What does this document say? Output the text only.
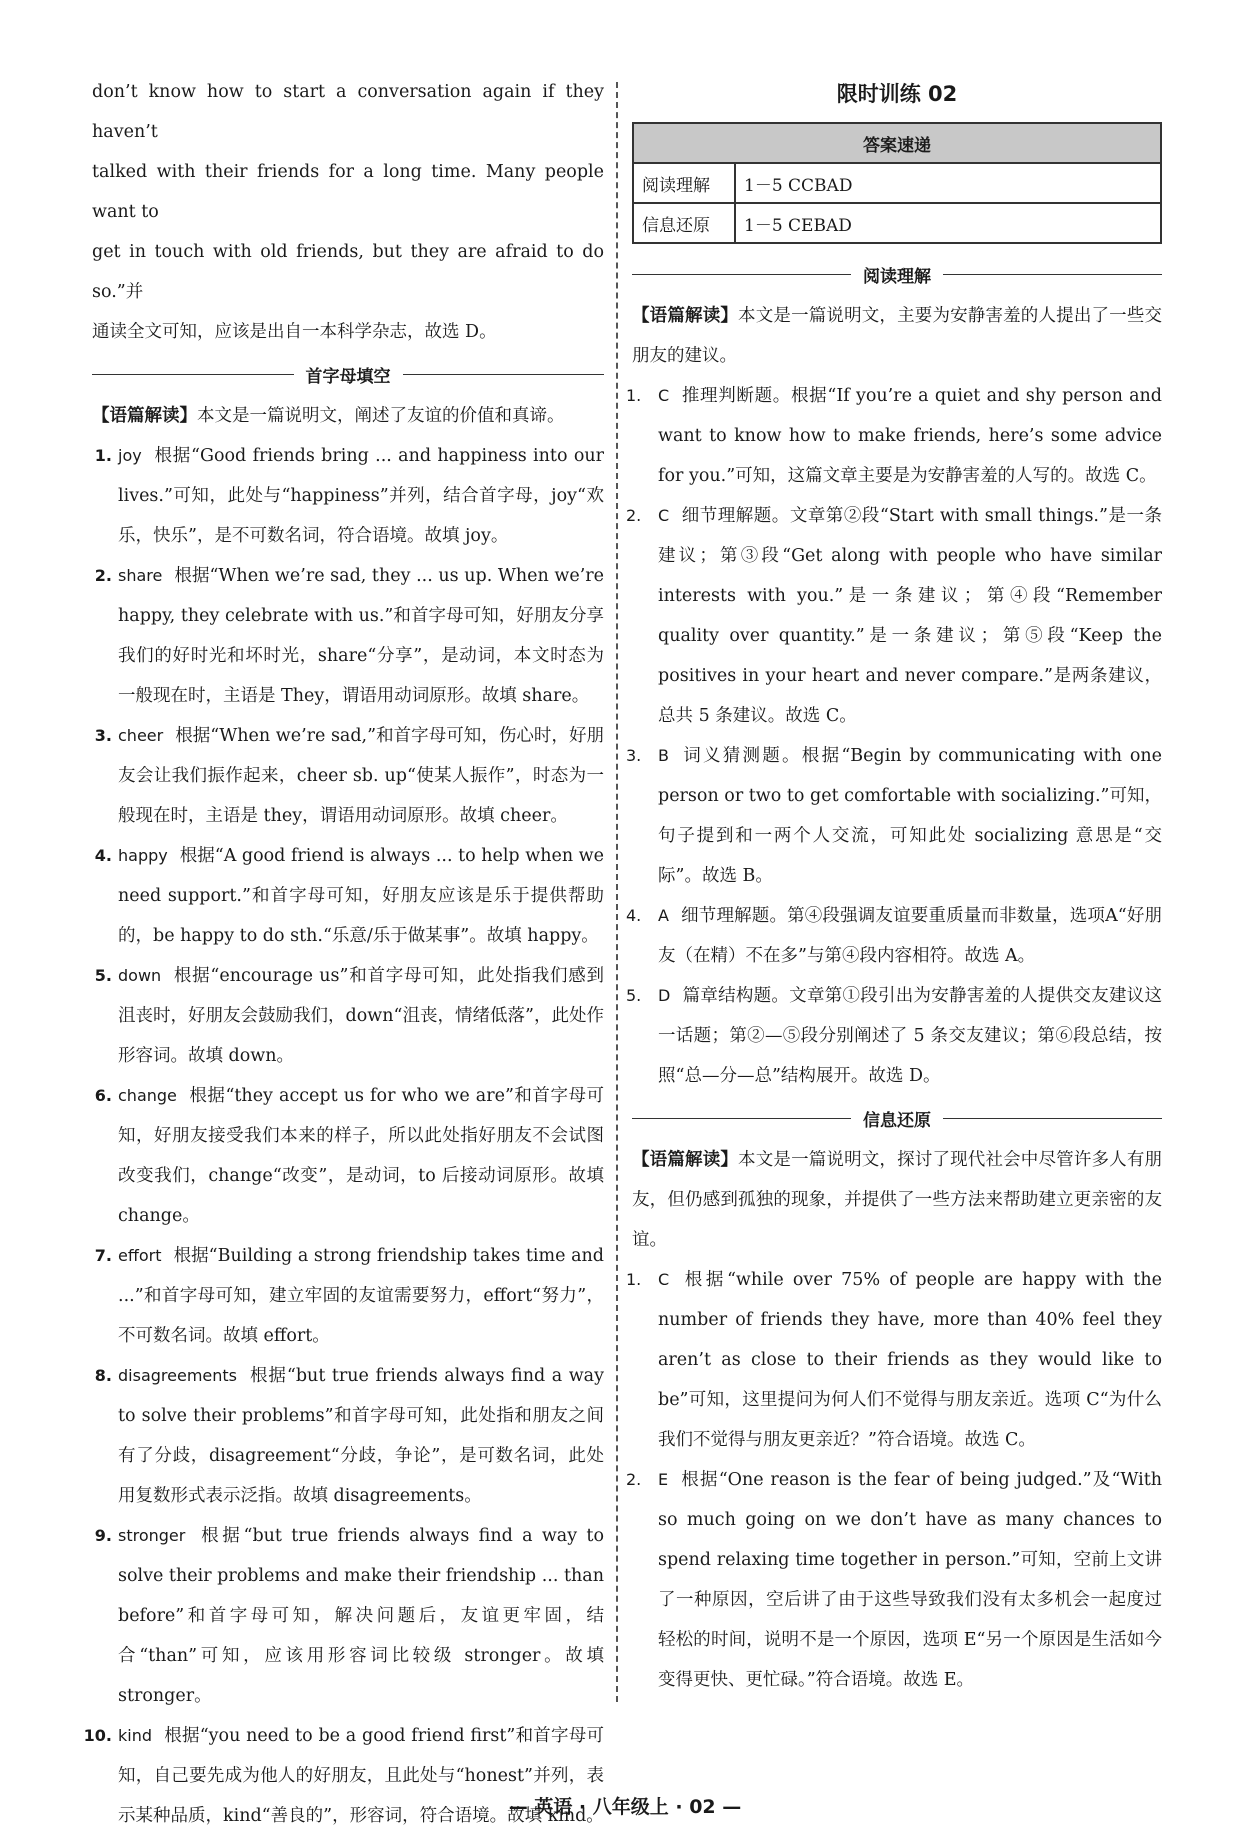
don’t know how to start a conversation again if they haven’t

talked with their friends for a long time. Many people want to

get in touch with old friends, but they are afraid to do so.”并

通读全文可知，应该是出自一本科学杂志，故选 D。

首字母填空

【语篇解读】本文是一篇说明文，阐述了友谊的价值和真谛。

1. joy 根据“Good friends bring ... and happiness into our lives.”可知，此处与“happiness”并列，结合首字母，joy“欢乐，快乐”，是不可数名词，符合语境。故填 joy。
2. share 根据“When we’re sad, they ... us up. When we’re happy, they celebrate with us.”和首字母可知，好朋友分享我们的好时光和坏时光，share“分享”，是动词，本文时态为一般现在时，主语是 They，谓语用动词原形。故填 share。
3. cheer 根据“When we’re sad,”和首字母可知，伤心时，好朋友会让我们振作起来，cheer sb. up“使某人振作”，时态为一般现在时，主语是 they，谓语用动词原形。故填 cheer。
4. happy 根据“A good friend is always ... to help when we need support.”和首字母可知，好朋友应该是乐于提供帮助的，be happy to do sth.“乐意/乐于做某事”。故填 happy。
5. down 根据“encourage us”和首字母可知，此处指我们感到沮丧时，好朋友会鼓励我们，down“沮丧，情绪低落”，此处作形容词。故填 down。
6. change 根据“they accept us for who we are”和首字母可知，好朋友接受我们本来的样子，所以此处指好朋友不会试图改变我们，change“改变”，是动词，to 后接动词原形。故填 change。
7. effort 根据“Building a strong friendship takes time and ...”和首字母可知，建立牢固的友谊需要努力，effort“努力”，不可数名词。故填 effort。
8. disagreements 根据“but true friends always find a way to solve their problems”和首字母可知，此处指和朋友之间有了分歧，disagreement“分歧，争论”，是可数名词，此处用复数形式表示泛指。故填 disagreements。
9. stronger 根据“but true friends always find a way to solve their problems and make their friendship ... than before”和首字母可知，解决问题后，友谊更牢固，结合“than”可知，应该用形容词比较级 stronger。故填 stronger。
10. kind 根据“you need to be a good friend first”和首字母可知，自己要先成为他人的好朋友，且此处与“honest”并列，表示某种品质，kind“善良的”，形容词，符合语境。故填 kind。
限时训练 02
答案速递	
阅读理解	1－5 CCBAD
信息还原	1－5 CEBAD
阅读理解

【语篇解读】本文是一篇说明文，主要为安静害羞的人提出了一些交朋友的建议。

1.	C 推理判断题。根据“If you’re a quiet and shy person and want to know how to make friends, here’s some advice for you.”可知，这篇文章主要是为安静害羞的人写的。故选 C。
2.	C 细节理解题。文章第②段“Start with small things.”是一条建议；第③段“Get along with people who have similar interests with you.”是一条建议；第④段“Remember quality over quantity.”是一条建议；第⑤段“Keep the positives in your heart and never compare.”是两条建议，总共 5 条建议。故选 C。
3.	B 词义猜测题。根据“Begin by communicating with one person or two to get comfortable with socializing.”可知，句子提到和一两个人交流，可知此处 socializing 意思是“交际”。故选 B。
4.	A 细节理解题。第④段强调友谊要重质量而非数量，选项A“好朋友（在精）不在多”与第④段内容相符。故选 A。
5.	D 篇章结构题。文章第①段引出为安静害羞的人提供交友建议这一话题；第②—⑤段分别阐述了 5 条交友建议；第⑥段总结，按照“总—分—总”结构展开。故选 D。
信息还原

【语篇解读】本文是一篇说明文，探讨了现代社会中尽管许多人有朋友，但仍感到孤独的现象，并提供了一些方法来帮助建立更亲密的友谊。

1.	C 根据“while over 75% of people are happy with the number of friends they have, more than 40% feel they aren’t as close to their friends as they would like to be”可知，这里提问为何人们不觉得与朋友亲近。选项 C“为什么我们不觉得与朋友更亲近？”符合语境。故选 C。
2.	E 根据“One reason is the fear of being judged.”及“With so much going on we don’t have as many chances to spend relaxing time together in person.”可知，空前上文讲了一种原因，空后讲了由于这些导致我们没有太多机会一起度过轻松的时间，说明不是一个原因，选项 E“另一个原因是生活如今变得更快、更忙碌。”符合语境。故选 E。
— 英语 · 八年级上 · 02 —
